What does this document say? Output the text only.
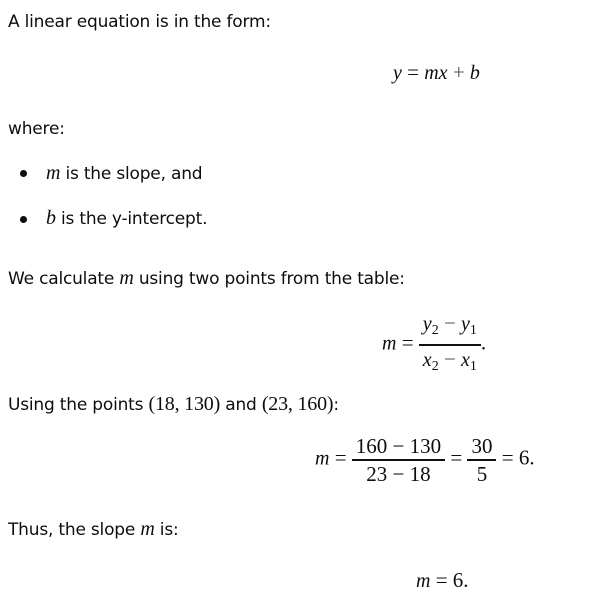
A linear equation is in the form:
y = mx + b
where:
m is the slope, and
b is the y-intercept.
We calculate m using two points from the table:
$m = \frac{y_2 - y_1}{x_2 - x_1}$ .
Using the points (18, 130) and (23, 160):
$m = \frac{160 - 130}{23 - 18} = \frac{30}{5} = 6$.
Thus, the slope m is:
m = 6.
